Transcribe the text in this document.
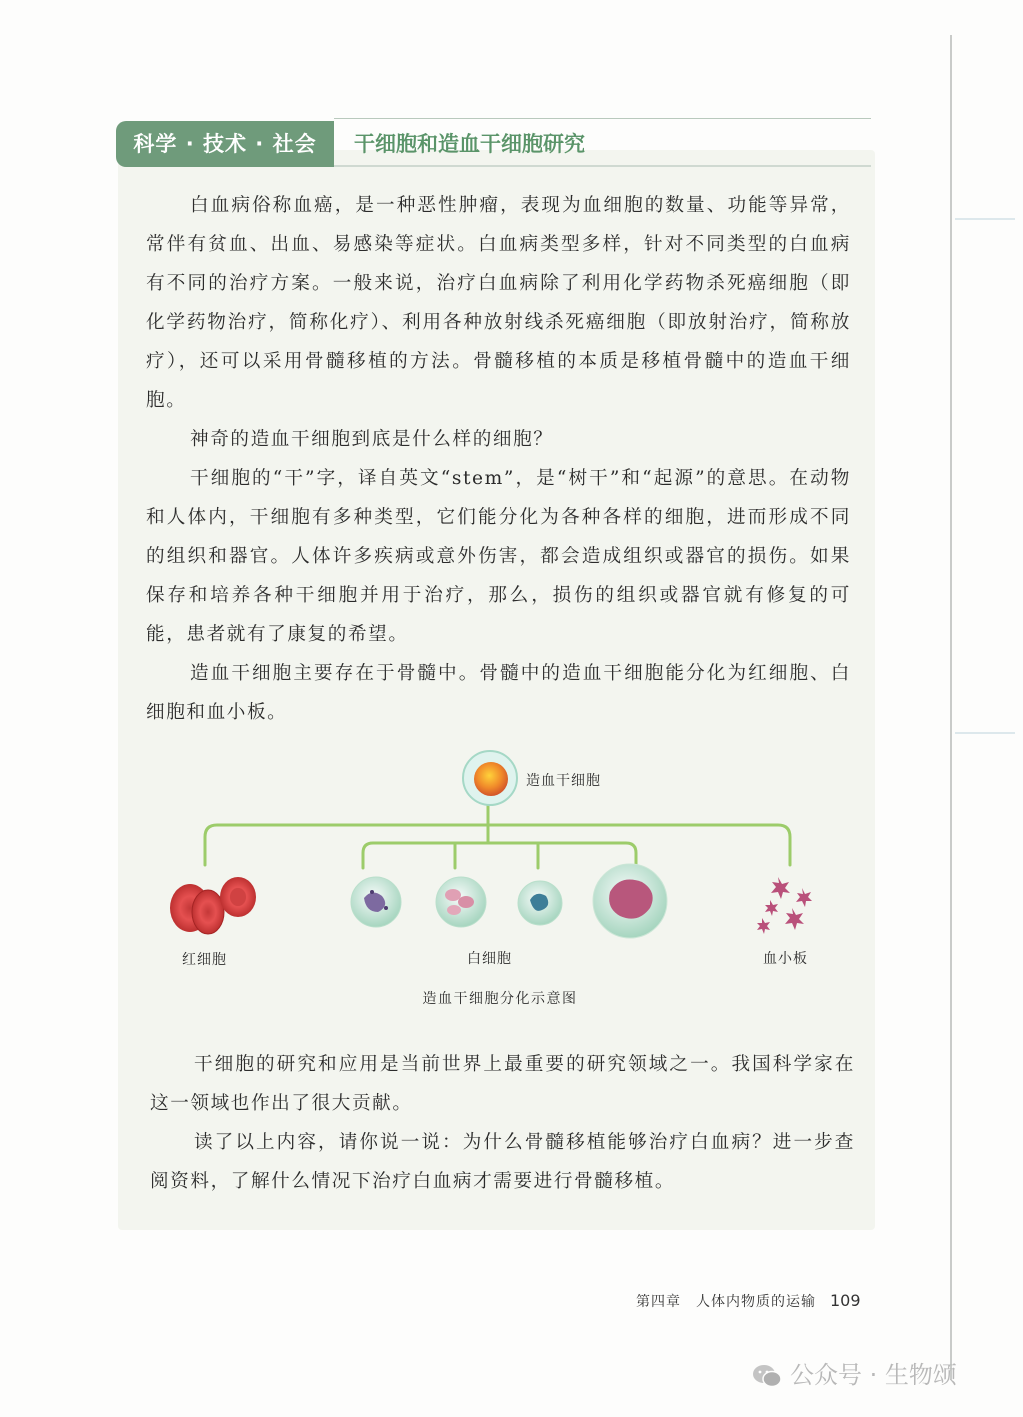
科学 · 技术 · 社会	干细胞和造血干细胞研究

白血病俗称血癌，是一种恶性肿瘤，表现为血细胞的数量、功能等异常，常伴有贫血、出血、易感染等症状。白血病类型多样，针对不同类型的白血病有不同的治疗方案。一般来说，治疗白血病除了利用化学药物杀死癌细胞（即化学药物治疗，简称化疗）、利用各种放射线杀死癌细胞（即放射治疗，简称放疗），还可以采用骨髓移植的方法。骨髓移植的本质是移植骨髓中的造血干细胞。

神奇的造血干细胞到底是什么样的细胞？

干细胞的“干”字，译自英文“stem”，是“树干”和“起源”的意思。在动物和人体内，干细胞有多种类型，它们能分化为各种各样的细胞，进而形成不同的组织和器官。人体许多疾病或意外伤害，都会造成组织或器官的损伤。如果保存和培养各种干细胞并用于治疗，那么，损伤的组织或器官就有修复的可能，患者就有了康复的希望。

造血干细胞主要存在于骨髓中。骨髓中的造血干细胞能分化为红细胞、白细胞和血小板。

造血干细胞
红细胞	白细胞	血小板
造血干细胞分化示意图

干细胞的研究和应用是当前世界上最重要的研究领域之一。我国科学家在这一领域也作出了很大贡献。

读了以上内容，请你说一说：为什么骨髓移植能够治疗白血病？进一步查阅资料，了解什么情况下治疗白血病才需要进行骨髓移植。

第四章　人体内物质的运输 109
公众号 · 生物颂
